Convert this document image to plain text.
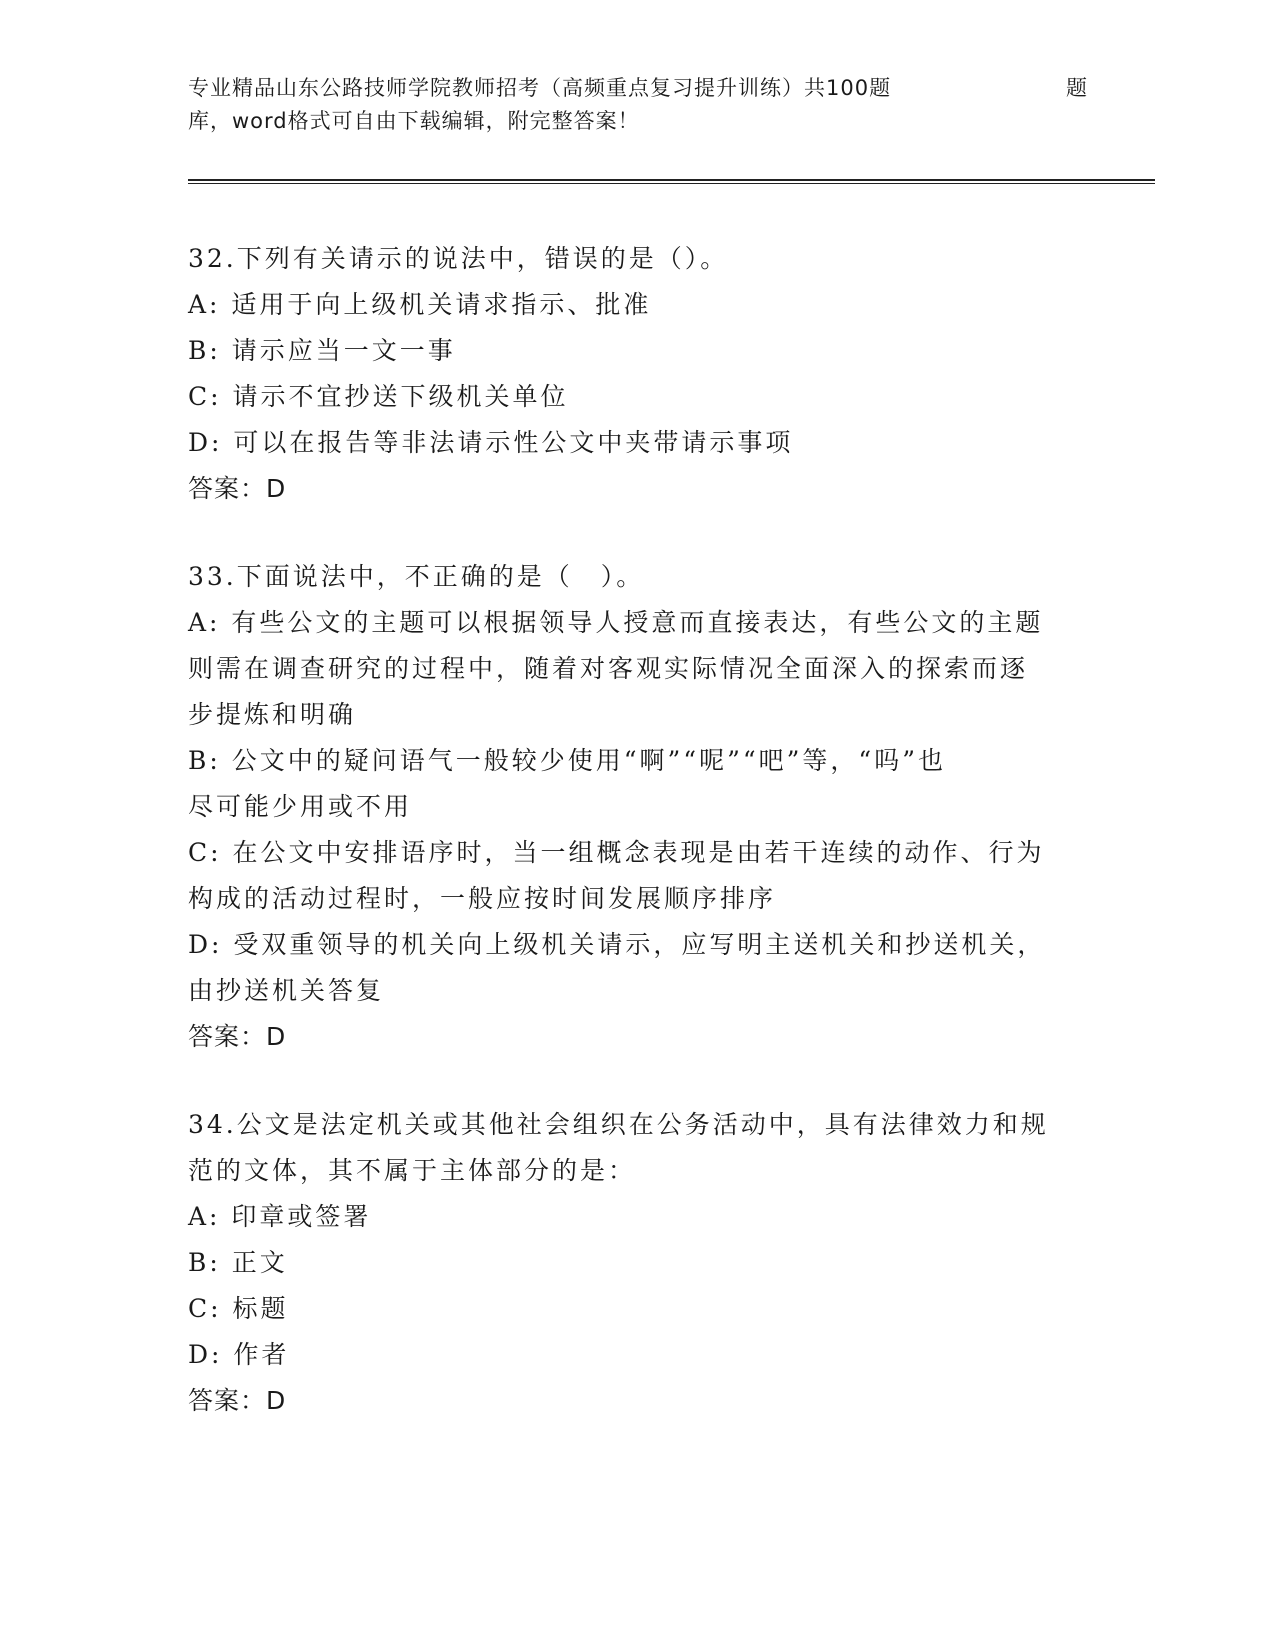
专业精品山东公路技师学院教师招考（高频重点复习提升训练）共100题	题
库，word格式可自由下载编辑，附完整答案！
32.下列有关请示的说法中，错误的是（）。
A: 适用于向上级机关请求指示、批准
B: 请示应当一文一事
C: 请示不宜抄送下级机关单位
D: 可以在报告等非法请示性公文中夹带请示事项
答案：D
33.下面说法中，不正确的是（　）。
A: 有些公文的主题可以根据领导人授意而直接表达，有些公文的主题
则需在调查研究的过程中，随着对客观实际情况全面深入的探索而逐
步提炼和明确
B: 公文中的疑问语气一般较少使用“啊”“呢”“吧”等，“吗”也
尽可能少用或不用
C: 在公文中安排语序时，当一组概念表现是由若干连续的动作、行为
构成的活动过程时，一般应按时间发展顺序排序
D: 受双重领导的机关向上级机关请示，应写明主送机关和抄送机关，
由抄送机关答复
答案：D
34.公文是法定机关或其他社会组织在公务活动中，具有法律效力和规
范的文体，其不属于主体部分的是：
A: 印章或签署
B: 正文
C: 标题
D: 作者
答案：D
